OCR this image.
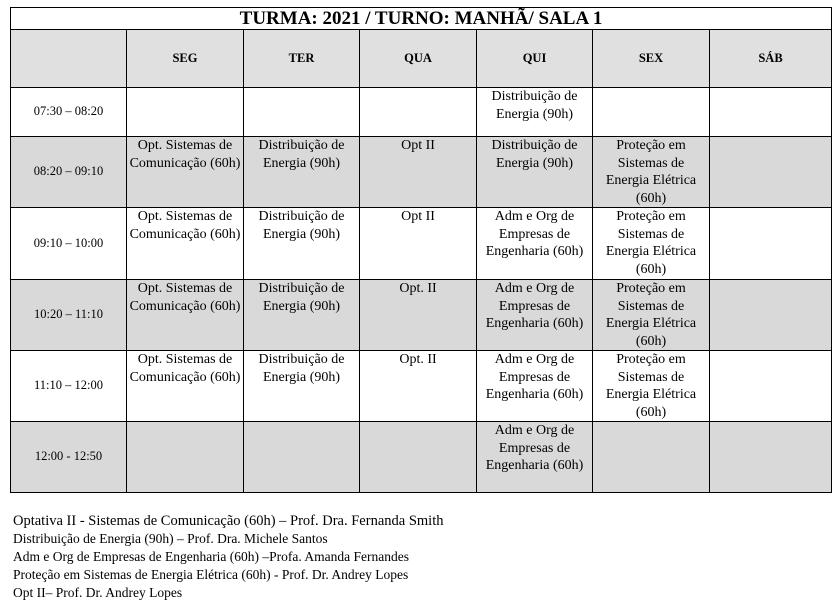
TURMA: 2021 / TURNO: MANHÃ/ SALA 1						
	SEG	TER	QUA	QUI	SEX	SÁB
07:30 – 08:20				Distribuição de Energia (90h)		
08:20 – 09:10	Opt. Sistemas de Comunicação (60h)	Distribuição de Energia (90h)	Opt II	Distribuição de Energia (90h)	Proteção em Sistemas de Energia Elétrica (60h)	
09:10 – 10:00	Opt. Sistemas de Comunicação (60h)	Distribuição de Energia (90h)	Opt II	Adm e Org de Empresas de Engenharia (60h)	Proteção em Sistemas de Energia Elétrica (60h)	
10:20 – 11:10	Opt. Sistemas de Comunicação (60h)	Distribuição de Energia (90h)	Opt. II	Adm e Org de Empresas de Engenharia (60h)	Proteção em Sistemas de Energia Elétrica (60h)	
11:10 – 12:00	Opt. Sistemas de Comunicação (60h)	Distribuição de Energia (90h)	Opt. II	Adm e Org de Empresas de Engenharia (60h)	Proteção em Sistemas de Energia Elétrica (60h)	
12:00 - 12:50				Adm e Org de Empresas de Engenharia (60h)		
Optativa II - Sistemas de Comunicação (60h) – Prof. Dra. Fernanda Smith
Distribuição de Energia (90h) – Prof. Dra. Michele Santos
Adm e Org de Empresas de Engenharia (60h) –Profa. Amanda Fernandes
Proteção em Sistemas de Energia Elétrica (60h) - Prof. Dr. Andrey Lopes
Opt II– Prof. Dr. Andrey Lopes
